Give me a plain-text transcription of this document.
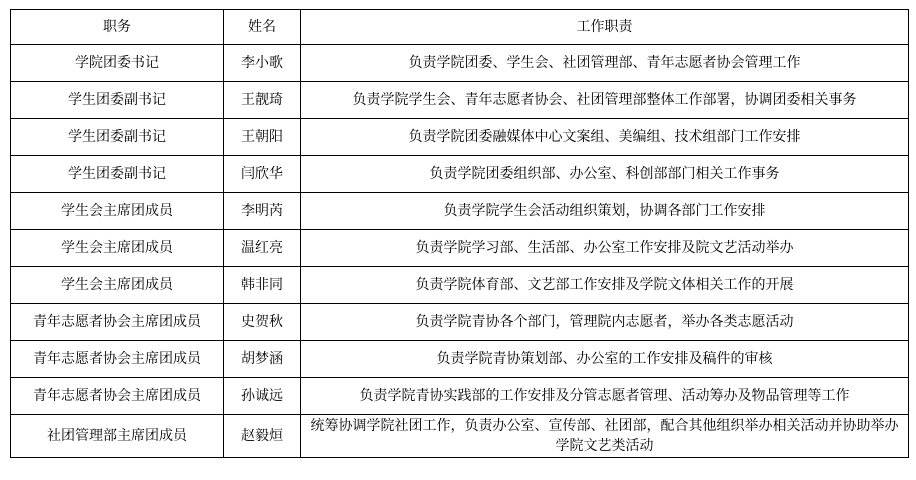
职务	姓名	工作职责
学院团委书记	李小歌	负责学院团委、学生会、社团管理部、青年志愿者协会管理工作
学生团委副书记	王靓琦	负责学院学生会、青年志愿者协会、社团管理部整体工作部署，协调团委相关事务
学生团委副书记	王朝阳	负责学院团委融媒体中心文案组、美编组、技术组部门工作安排
学生团委副书记	闫欣华	负责学院团委组织部、办公室、科创部部门相关工作事务
学生会主席团成员	李明芮	负责学院学生会活动组织策划，协调各部门工作安排
学生会主席团成员	温红亮	负责学院学习部、生活部、办公室工作安排及院文艺活动举办
学生会主席团成员	韩非同	负责学院体育部、文艺部工作安排及学院文体相关工作的开展
青年志愿者协会主席团成员	史贺秋	负责学院青协各个部门，管理院内志愿者，举办各类志愿活动
青年志愿者协会主席团成员	胡梦涵	负责学院青协策划部、办公室的工作安排及稿件的审核
青年志愿者协会主席团成员	孙诚远	负责学院青协实践部的工作安排及分管志愿者管理、活动筹办及物品管理等工作
社团管理部主席团成员	赵毅烜	统筹协调学院社团工作，负责办公室、宣传部、社团部，配合其他组织举办相关活动并协助举办学院文艺类活动
